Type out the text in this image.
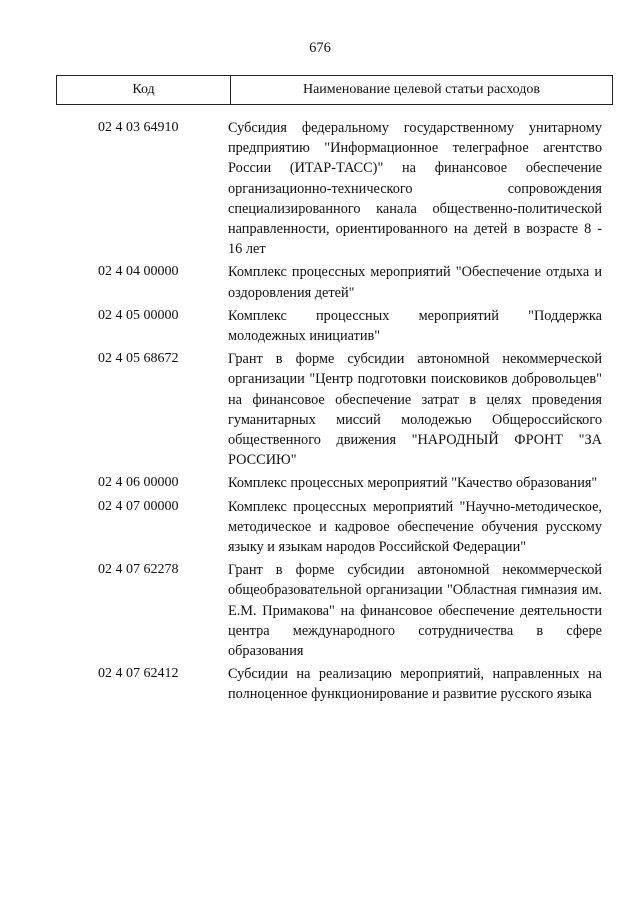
676
Код	Наименование целевой статьи расходов
02 4 03 64910	Субсидия федеральному государственному унитарному предприятию "Информационное телеграфное агентство России (ИТАР-ТАСС)" на финансовое обеспечение организационно-технического сопровождения специализированного канала общественно-политической направленности, ориентированного на детей в возрасте 8 - 16 лет
02 4 04 00000	Комплекс процессных мероприятий "Обеспечение отдыха и оздоровления детей"
02 4 05 00000	Комплекс процессных мероприятий "Поддержка молодежных инициатив"
02 4 05 68672	Грант в форме субсидии автономной некоммерческой организации "Центр подготовки поисковиков добровольцев" на финансовое обеспечение затрат в целях проведения гуманитарных миссий молодежью Общероссийского общественного движения "НАРОДНЫЙ ФРОНТ "ЗА РОССИЮ"
02 4 06 00000	Комплекс процессных мероприятий "Качество образования"
02 4 07 00000	Комплекс процессных мероприятий "Научно-методическое, методическое и кадровое обеспечение обучения русскому языку и языкам народов Российской Федерации"
02 4 07 62278	Грант в форме субсидии автономной некоммерческой общеобразовательной организации "Областная гимназия им. Е.М. Примакова" на финансовое обеспечение деятельности центра международного сотрудничества в сфере образования
02 4 07 62412	Субсидии на реализацию мероприятий, направленных на полноценное функционирование и развитие русского языка
